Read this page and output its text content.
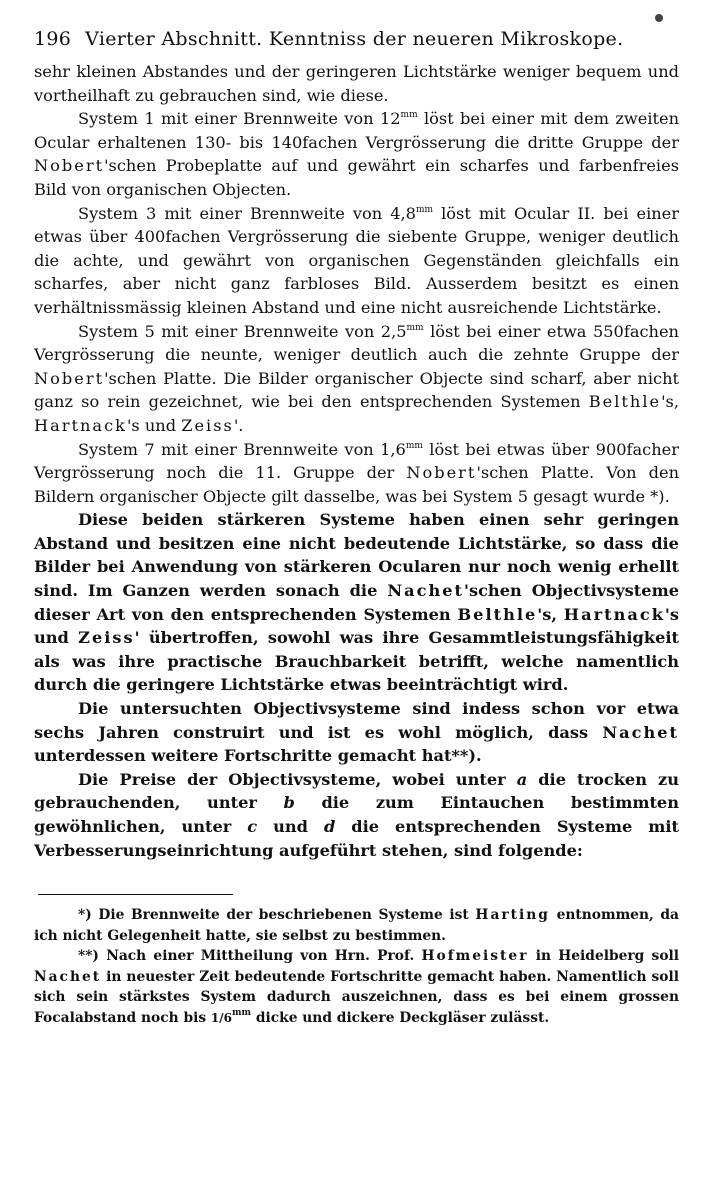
196 Vierter Abschnitt. Kenntniss der neueren Mikroskope.

sehr kleinen Abstandes und der geringeren Lichtstärke weniger bequem und vortheilhaft zu gebrauchen sind, wie diese.

System 1 mit einer Brennweite von $12^{mm}$ löst bei einer mit dem zweiten Ocular erhaltenen 130- bis 140fachen Vergrösserung die dritte Gruppe der Nobert'schen Probeplatte auf und gewährt ein scharfes und farbenfreies Bild von organischen Objecten.

System 3 mit einer Brennweite von $4,8^{mm}$ löst mit Ocular II. bei einer etwas über 400fachen Vergrösserung die siebente Gruppe, weniger deutlich die achte, und gewährt von organischen Gegenständen gleichfalls ein scharfes, aber nicht ganz farbloses Bild. Ausserdem besitzt es einen verhältnissmässig kleinen Abstand und eine nicht ausreichende Lichtstärke.

System 5 mit einer Brennweite von $2,5^{mm}$ löst bei einer etwa 550fachen Vergrösserung die neunte, weniger deutlich auch die zehnte Gruppe der Nobert'schen Platte. Die Bilder organischer Objecte sind scharf, aber nicht ganz so rein gezeichnet, wie bei den entsprechenden Systemen Belthle's, Hartnack's und Zeiss'.

System 7 mit einer Brennweite von $1,6^{mm}$ löst bei etwas über 900facher Vergrösserung noch die 11. Gruppe der Nobert'schen Platte. Von den Bildern organischer Objecte gilt dasselbe, was bei System 5 gesagt wurde *).

Diese beiden stärkeren Systeme haben einen sehr geringen Abstand und besitzen eine nicht bedeutende Lichtstärke, so dass die Bilder bei Anwendung von stärkeren Ocularen nur noch wenig erhellt sind. Im Ganzen werden sonach die Nachet'schen Objectivsysteme dieser Art von den entsprechenden Systemen Belthle's, Hartnack's und Zeiss' übertroffen, sowohl was ihre Gesammtleistungsfähigkeit als was ihre practische Brauchbarkeit betrifft, welche namentlich durch die geringere Lichtstärke etwas beeinträchtigt wird.

Die untersuchten Objectivsysteme sind indess schon vor etwa sechs Jahren construirt und ist es wohl möglich, dass Nachet unterdessen weitere Fortschritte gemacht hat**).

Die Preise der Objectivsysteme, wobei unter a die trocken zu gebrauchenden, unter b die zum Eintauchen bestimmten gewöhnlichen, unter c und d die entsprechenden Systeme mit Verbesserungseinrichtung aufgeführt stehen, sind folgende:

*) Die Brennweite der beschriebenen Systeme ist Harting entnommen, da ich nicht Gelegenheit hatte, sie selbst zu bestimmen.

**) Nach einer Mittheilung von Hrn. Prof. Hofmeister in Heidelberg soll Nachet in neuester Zeit bedeutende Fortschritte gemacht haben. Namentlich soll sich sein stärkstes System dadurch auszeichnen, dass es bei einem grossen Focalabstand noch bis $1/6^{mm}$ dicke und dickere Deckgläser zulässt.
